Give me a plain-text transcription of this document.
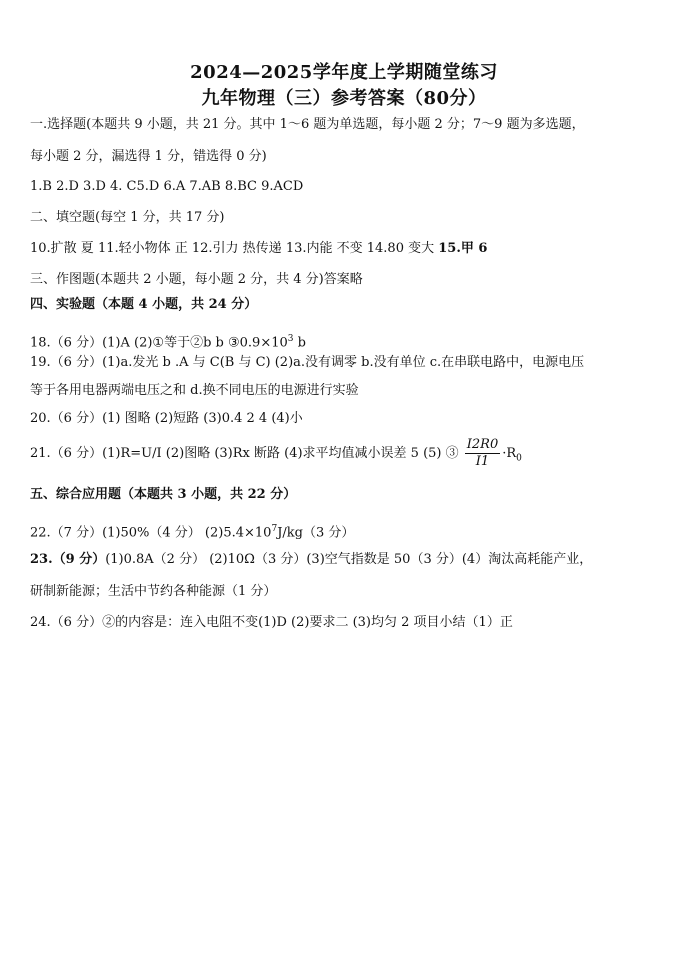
2024—2025学年度上学期随堂练习
九年物理（三）参考答案（80分）
一.选择题(本题共 9 小题，共 21 分。其中 1～6 题为单选题，每小题 2 分；7～9 题为多选题，
每小题 2 分，漏选得 1 分，错选得 0 分)
1.B 2.D 3.D 4. C5.D 6.A 7.AB 8.BC 9.ACD
二、填空题(每空 1 分，共 17 分)
10.扩散 夏 11.轻小物体 正 12.引力 热传递 13.内能 不变 14.80 变大 15.甲 6
三、作图题(本题共 2 小题，每小题 2 分，共 4 分)答案略
四、实验题（本题 4 小题，共 24 分）
18.（6 分）(1)A (2)①等于②b b $③0.9\times 10^3$ b
19.（6 分）(1)a.发光 b .A 与 C(B 与 C) (2)a.没有调零 b.没有单位 c.在串联电路中，电源电压
等于各用电器两端电压之和 d.换不同电压的电源进行实验
20.（6 分）(1) 图略 (2)短路 (3)0.4 2 4 (4)小
21.（6 分）(1)R=U/I (2)图略 (3)Rx 断路 (4)求平均值减小误差 5 (5) ③ $\frac{I2R0}{I1} \cdot R_0$
五、综合应用题（本题共 3 小题，共 22 分）
22.（7 分）(1)50%（4 分） $(2)5.4\times 10^7J/kg(3$ 分）
23.（9 分）(1)0.8A（2 分） (2)10Ω（3 分）(3)空气指数是 50（3 分）(4）淘汰高耗能产业，
研制新能源；生活中节约各种能源（1 分）
24.（6 分）②的内容是：连入电阻不变(1)D (2)要求二 (3)均匀 2 项目小结（1）正
